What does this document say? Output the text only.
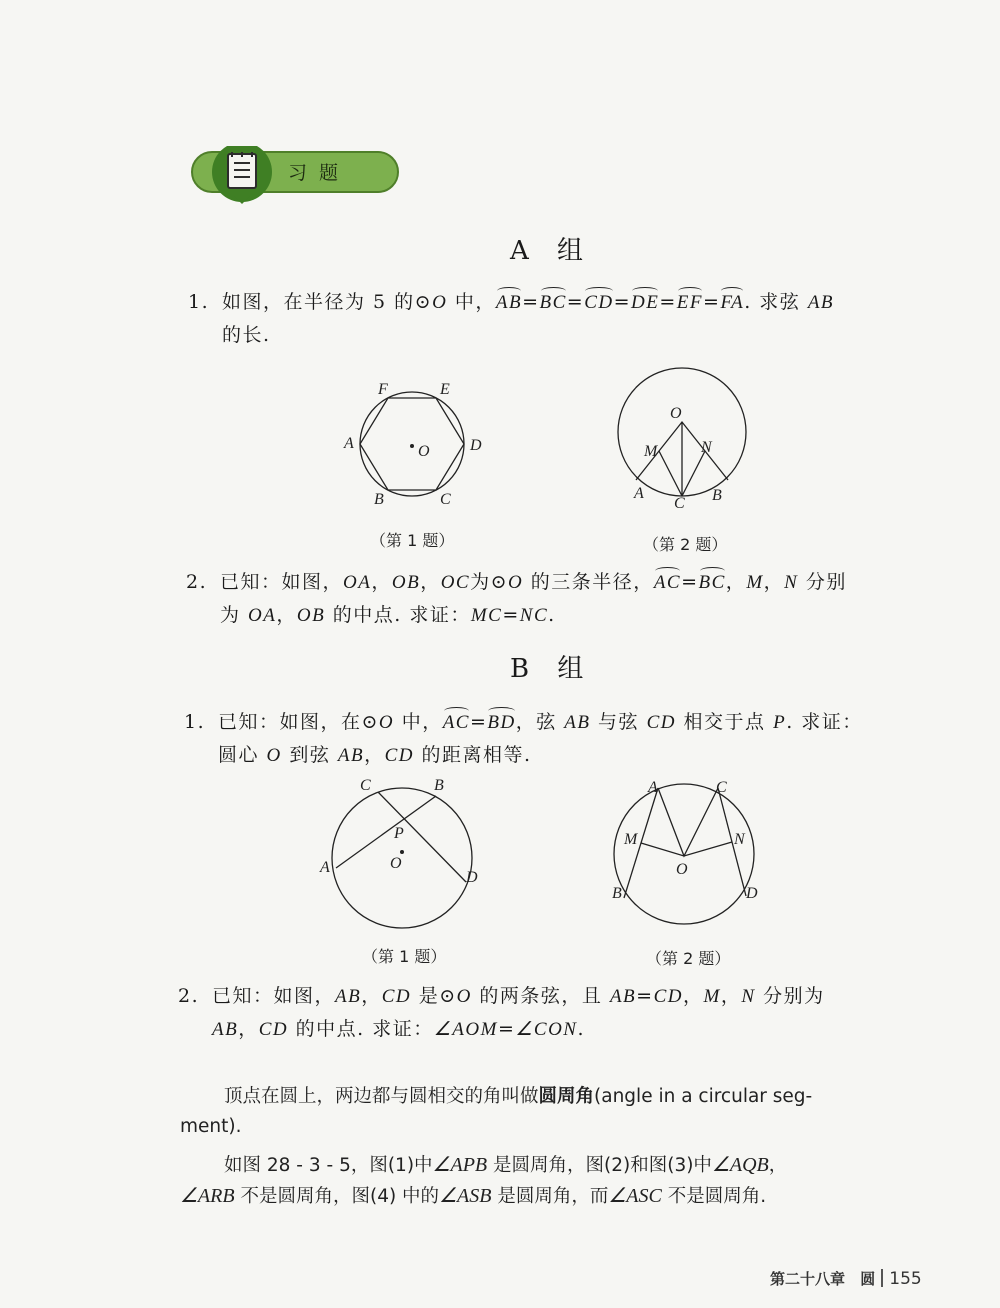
习题
A 组
1. 如图，在半径为 5 的⊙O 中，AB=BC=CD=DE=EF=FA. 求弦 AB
的长.
F	E
A	O	D
B	C
（第 1 题）
O
M	N
A
C B
（第 2 题）
2. 已知：如图，OA，OB，OC为⊙O 的三条半径，AC=BC，M，N 分别
为 OA，OB 的中点. 求证：MC=NC.
B 组
1. 已知：如图，在⊙O 中，AC=BD，弦 AB 与弦 CD 相交于点 P. 求证：
圆心 O 到弦 AB，CD 的距离相等.
C	B
P
A	O
D
（第 1 题）
A	C
M	N
O
B	D
（第 2 题）
2. 已知：如图，AB，CD 是⊙O 的两条弦，且 AB=CD，M，N 分别为
AB，CD 的中点. 求证：∠AOM=∠CON.
顶点在圆上，两边都与圆相交的角叫做圆周角(angle in a circular seg-
ment).
如图 28 - 3 - 5，图(1)中∠APB 是圆周角，图(2)和图(3)中∠AQB，
∠ARB 不是圆周角，图(4) 中的∠ASB 是圆周角，而∠ASC 不是圆周角.
第二十八章 圆 155
